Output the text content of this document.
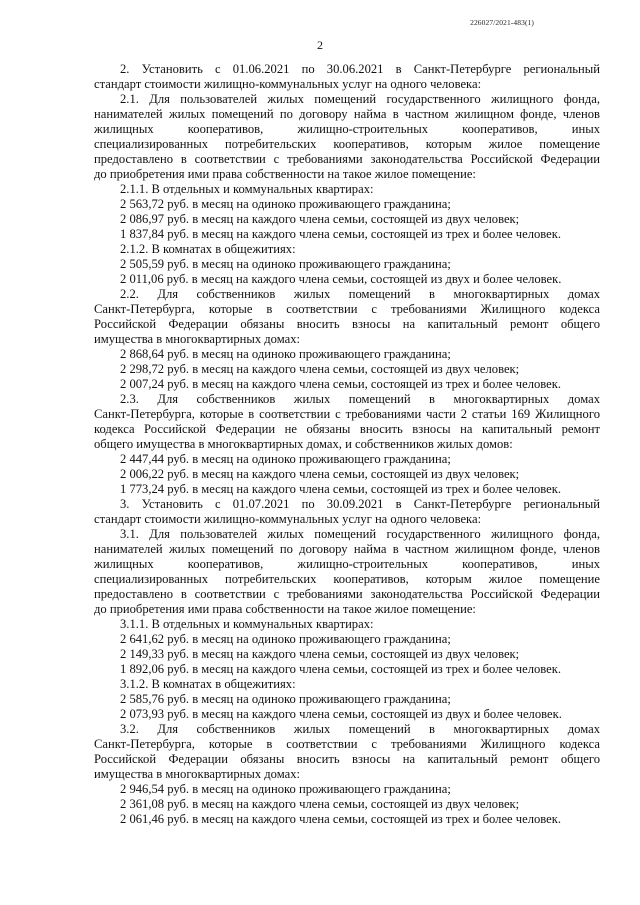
226027/2021-483(1)
2
2. Установить с 01.06.2021 по 30.06.2021 в Санкт-Петербурге региональный
стандарт стоимости жилищно-коммунальных услуг на одного человека:
2.1. Для пользователей жилых помещений государственного жилищного фонда,
нанимателей жилых помещений по договору найма в частном жилищном фонде, членов
жилищных кооперативов, жилищно-строительных кооперативов, иных
специализированных потребительских кооперативов, которым жилое помещение
предоставлено в соответствии с требованиями законодательства Российской Федерации
до приобретения ими права собственности на такое жилое помещение:
2.1.1. В отдельных и коммунальных квартирах:
2 563,72 руб. в месяц на одиноко проживающего гражданина;
2 086,97 руб. в месяц на каждого члена семьи, состоящей из двух человек;
1 837,84 руб. в месяц на каждого члена семьи, состоящей из трех и более человек.
2.1.2. В комнатах в общежитиях:
2 505,59 руб. в месяц на одиноко проживающего гражданина;
2 011,06 руб. в месяц на каждого члена семьи, состоящей из двух и более человек.
2.2. Для собственников жилых помещений в многоквартирных домах
Санкт-Петербурга, которые в соответствии с требованиями Жилищного кодекса
Российской Федерации обязаны вносить взносы на капитальный ремонт общего
имущества в многоквартирных домах:
2 868,64 руб. в месяц на одиноко проживающего гражданина;
2 298,72 руб. в месяц на каждого члена семьи, состоящей из двух человек;
2 007,24 руб. в месяц на каждого члена семьи, состоящей из трех и более человек.
2.3. Для собственников жилых помещений в многоквартирных домах
Санкт-Петербурга, которые в соответствии с требованиями части 2 статьи 169 Жилищного
кодекса Российской Федерации не обязаны вносить взносы на капитальный ремонт
общего имущества в многоквартирных домах, и собственников жилых домов:
2 447,44 руб. в месяц на одиноко проживающего гражданина;
2 006,22 руб. в месяц на каждого члена семьи, состоящей из двух человек;
1 773,24 руб. в месяц на каждого члена семьи, состоящей из трех и более человек.
3. Установить с 01.07.2021 по 30.09.2021 в Санкт-Петербурге региональный
стандарт стоимости жилищно-коммунальных услуг на одного человека:
3.1. Для пользователей жилых помещений государственного жилищного фонда,
нанимателей жилых помещений по договору найма в частном жилищном фонде, членов
жилищных кооперативов, жилищно-строительных кооперативов, иных
специализированных потребительских кооперативов, которым жилое помещение
предоставлено в соответствии с требованиями законодательства Российской Федерации
до приобретения ими права собственности на такое жилое помещение:
3.1.1. В отдельных и коммунальных квартирах:
2 641,62 руб. в месяц на одиноко проживающего гражданина;
2 149,33 руб. в месяц на каждого члена семьи, состоящей из двух человек;
1 892,06 руб. в месяц на каждого члена семьи, состоящей из трех и более человек.
3.1.2. В комнатах в общежитиях:
2 585,76 руб. в месяц на одиноко проживающего гражданина;
2 073,93 руб. в месяц на каждого члена семьи, состоящей из двух и более человек.
3.2. Для собственников жилых помещений в многоквартирных домах
Санкт-Петербурга, которые в соответствии с требованиями Жилищного кодекса
Российской Федерации обязаны вносить взносы на капитальный ремонт общего
имущества в многоквартирных домах:
2 946,54 руб. в месяц на одиноко проживающего гражданина;
2 361,08 руб. в месяц на каждого члена семьи, состоящей из двух человек;
2 061,46 руб. в месяц на каждого члена семьи, состоящей из трех и более человек.
